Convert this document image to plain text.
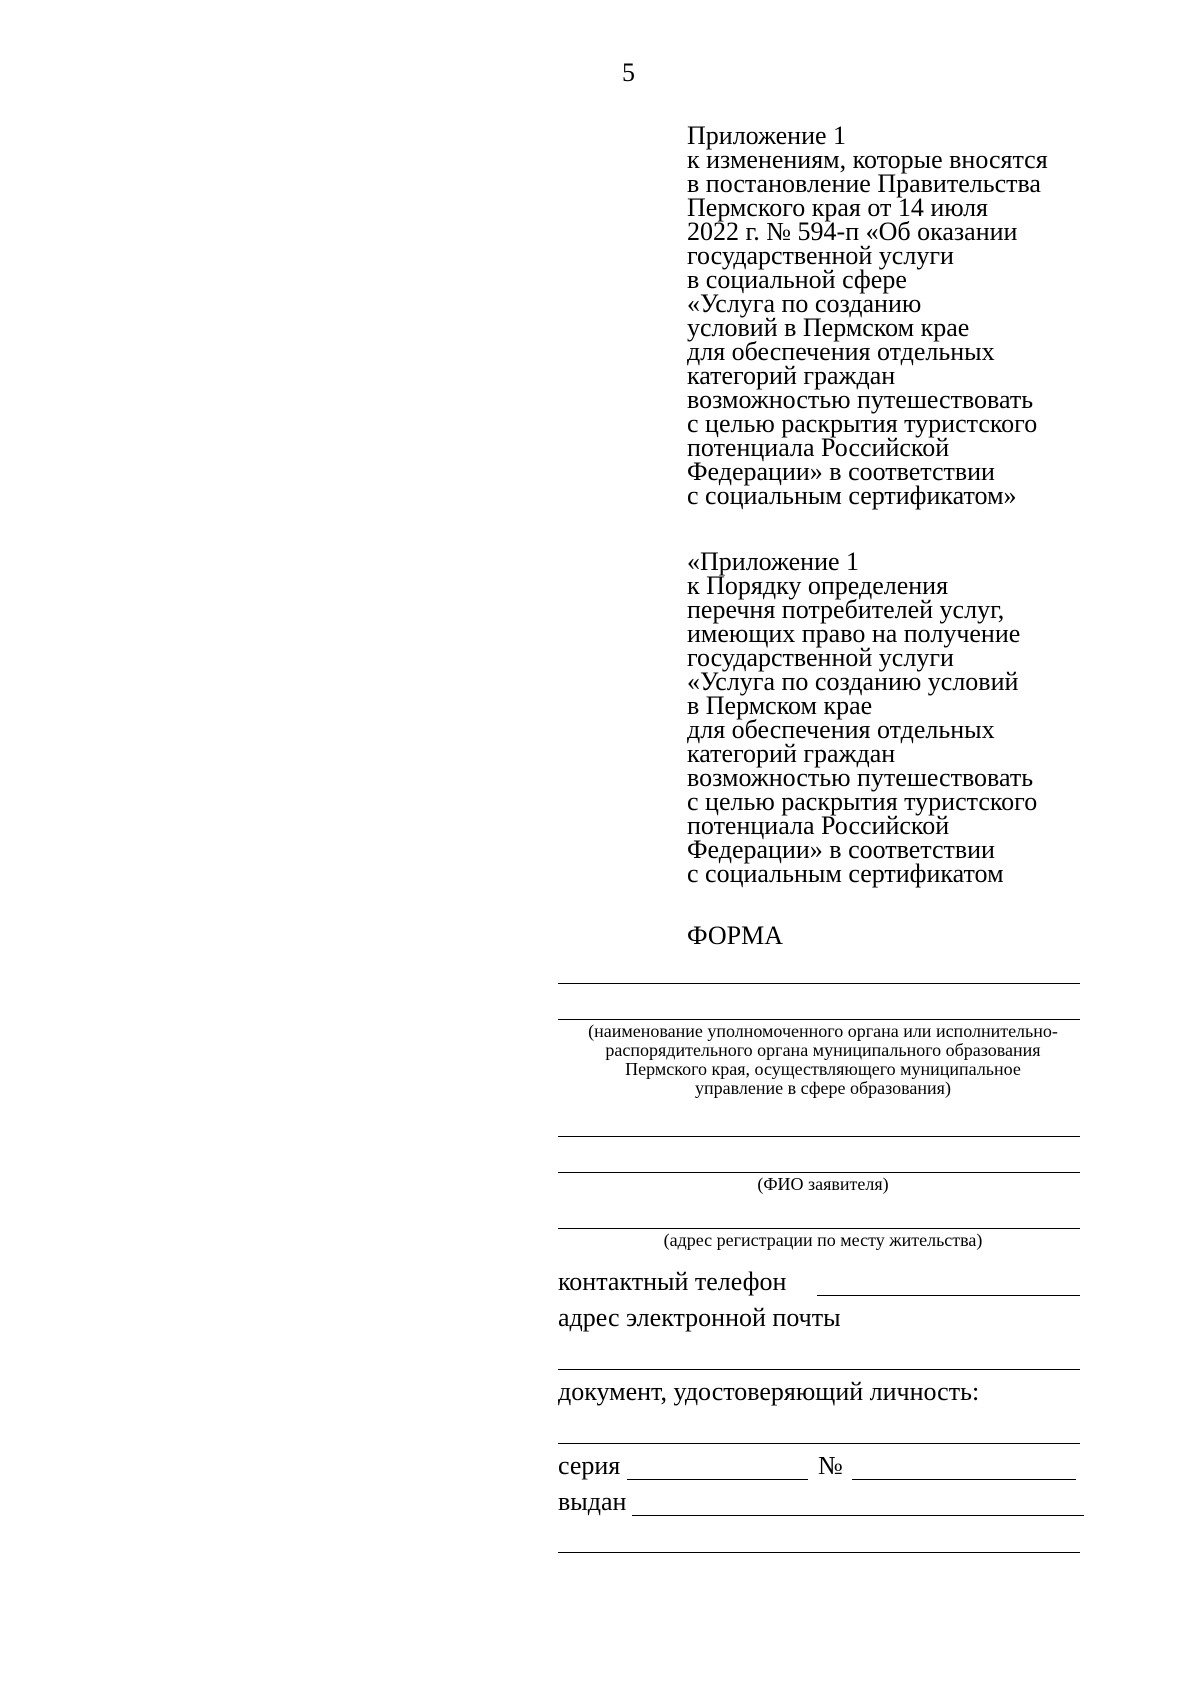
5
Приложение 1
к изменениям, которые вносятся
в постановление Правительства
Пермского края от 14 июля
2022 г. № 594-п «Об оказании
государственной услуги
в социальной сфере
«Услуга по созданию
условий в Пермском крае
для обеспечения отдельных
категорий граждан
возможностью путешествовать
с целью раскрытия туристского
потенциала Российской
Федерации» в соответствии
с социальным сертификатом»
«Приложение 1
к Порядку определения
перечня потребителей услуг,
имеющих право на получение
государственной услуги
«Услуга по созданию условий
в Пермском крае
для обеспечения отдельных
категорий граждан
возможностью путешествовать
с целью раскрытия туристского
потенциала Российской
Федерации» в соответствии
с социальным сертификатом
ФОРМА
(наименование уполномоченного органа или исполнительно-
распорядительного органа муниципального образования
Пермского края, осуществляющего муниципальное
управление в сфере образования)
(ФИО заявителя)
(адрес регистрации по месту жительства)
контактный телефон
адрес электронной почты
документ, удостоверяющий личность:
серия	№
выдан
